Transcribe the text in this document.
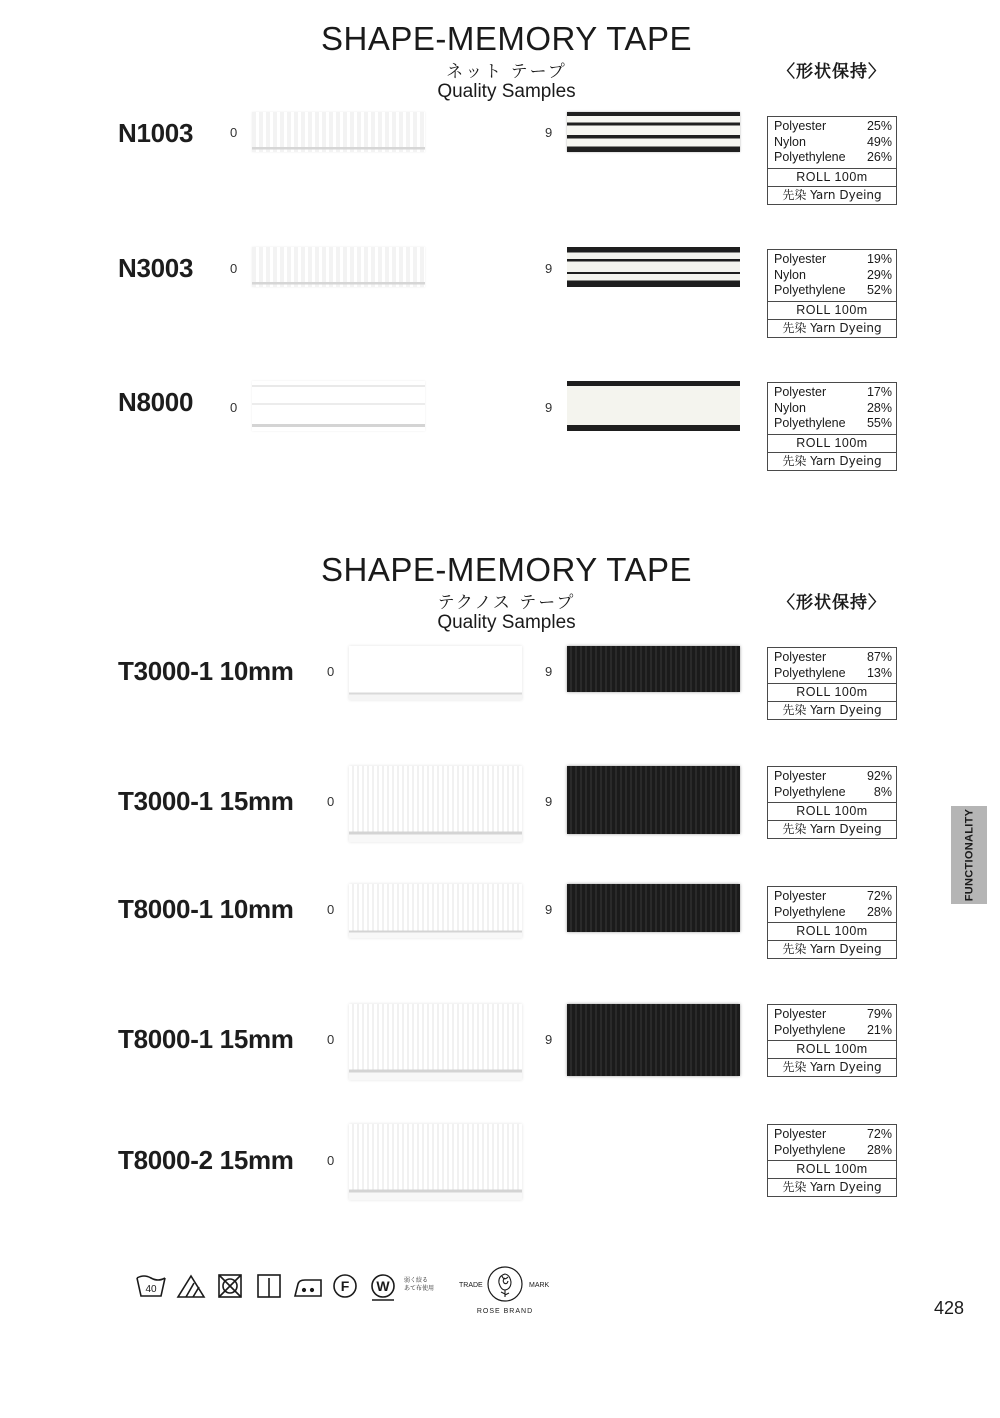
SHAPE-MEMORY TAPE
ネット テープ
Quality Samples
〈形状保持〉
N1003	0	9	Polyester	25%
Nylon	49%
Polyethylene 26%
ROLL 100m
先染 Yarn Dyeing
N3003	0	9
Polyester	19%
Nylon	29%
Polyethylene 52%
ROLL 100m
先染 Yarn Dyeing
N8000	0	9
Polyester	17%
Nylon	28%
Polyethylene 55%
ROLL 100m
先染 Yarn Dyeing
SHAPE-MEMORY TAPE
テクノス テープ
Quality Samples
〈形状保持〉
T3000-1 10mm	0	9
Polyester	87%
Polyethylene 13%
ROLL 100m
先染 Yarn Dyeing
T3000-1 15mm	0	9
Polyester	92%
Polyethylene 8%
ROLL 100m
先染 Yarn Dyeing
T8000-1 10mm	0	9
Polyester	72%
Polyethylene 28%
ROLL 100m
先染 Yarn Dyeing
T8000-1 15mm	0	9
Polyester	79%
Polyethylene 21%
ROLL 100m
先染 Yarn Dyeing
T8000-2 15mm	0
Polyester	72%
Polyethylene 28%
ROLL 100m
先染 Yarn Dyeing
FUNCTIONALITY
40	F W 弱く絞る
あて布使用	TRADE	MARK
ROSE BRAND	428
